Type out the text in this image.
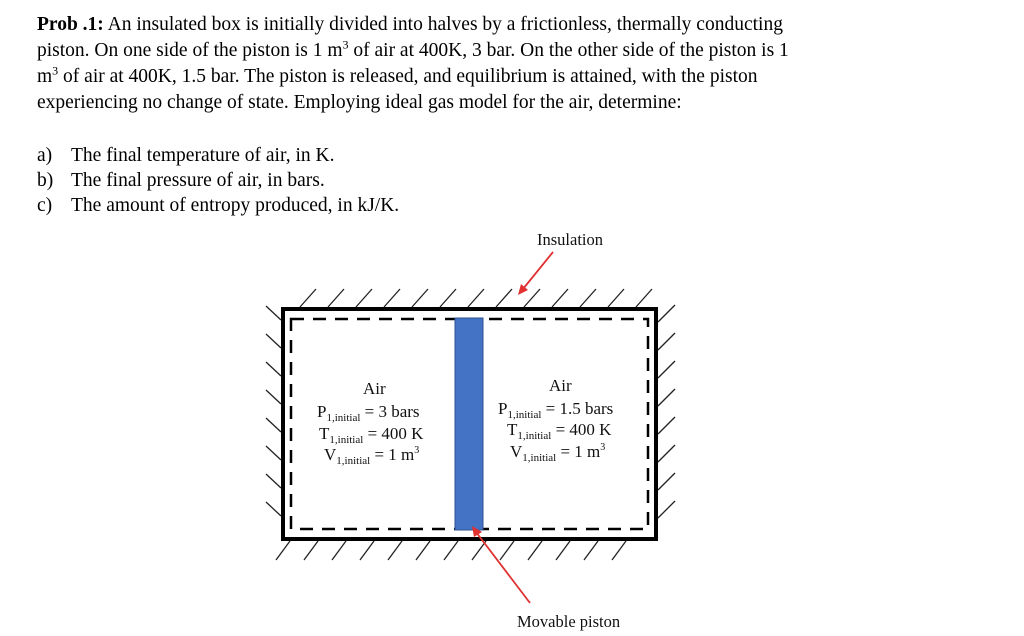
Prob .1: An insulated box is initially divided into halves by a frictionless, thermally conducting
piston. On one side of the piston is 1 $m^3$ of air at 400K, 3 bar. On the other side of the piston is 1
$m^3$ of air at 400K, 1.5 bar. The piston is released, and equilibrium is attained, with the piston
experiencing no change of state. Employing ideal gas model for the air, determine:
a) The final temperature of air, in K.
b) The final pressure of air, in bars.
c) The amount of entropy produced, in kJ/K.
Insulation
Movable piston
Air
$P_{1,initial} = 3$ bars
$T_{1,initial} = 400$ K
$V_{1,initial} = 1$ $m^3$
Air
$P_{1,initial} = 1.5$ bars
$T_{1,initial} = 400$ K
$V_{1,initial} = 1$ $m^3$
